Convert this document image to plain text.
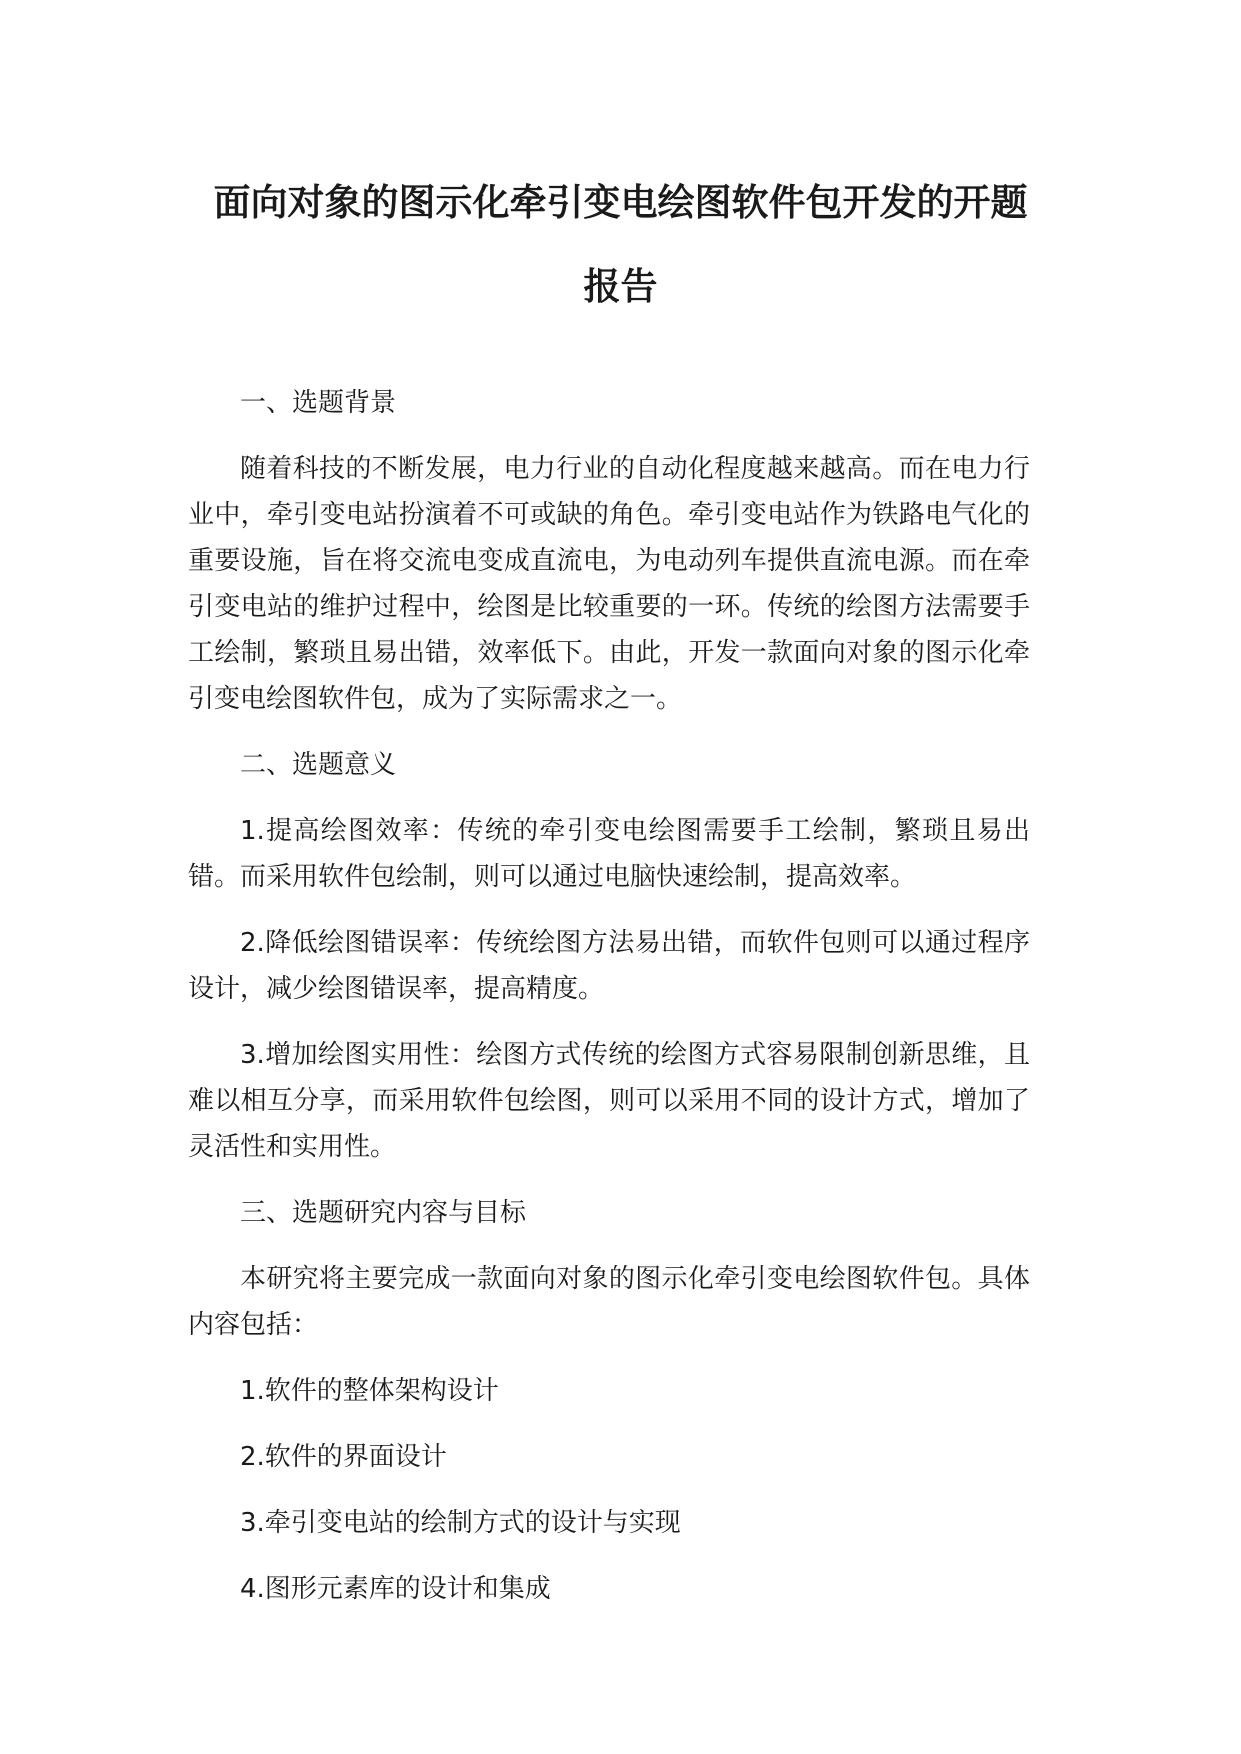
面向对象的图示化牵引变电绘图软件包开发的开题
报告

一、选题背景

随着科技的不断发展，电力行业的自动化程度越来越高。而在电力行业中，牵引变电站扮演着不可或缺的角色。牵引变电站作为铁路电气化的重要设施，旨在将交流电变成直流电，为电动列车提供直流电源。而在牵引变电站的维护过程中，绘图是比较重要的一环。传统的绘图方法需要手工绘制，繁琐且易出错，效率低下。由此，开发一款面向对象的图示化牵引变电绘图软件包，成为了实际需求之一。

二、选题意义

1.提高绘图效率：传统的牵引变电绘图需要手工绘制，繁琐且易出错。而采用软件包绘制，则可以通过电脑快速绘制，提高效率。

2.降低绘图错误率：传统绘图方法易出错，而软件包则可以通过程序设计，减少绘图错误率，提高精度。

3.增加绘图实用性：绘图方式传统的绘图方式容易限制创新思维，且难以相互分享，而采用软件包绘图，则可以采用不同的设计方式，增加了灵活性和实用性。

三、选题研究内容与目标

本研究将主要完成一款面向对象的图示化牵引变电绘图软件包。具体内容包括：

1.软件的整体架构设计

2.软件的界面设计

3.牵引变电站的绘制方式的设计与实现

4.图形元素库的设计和集成
